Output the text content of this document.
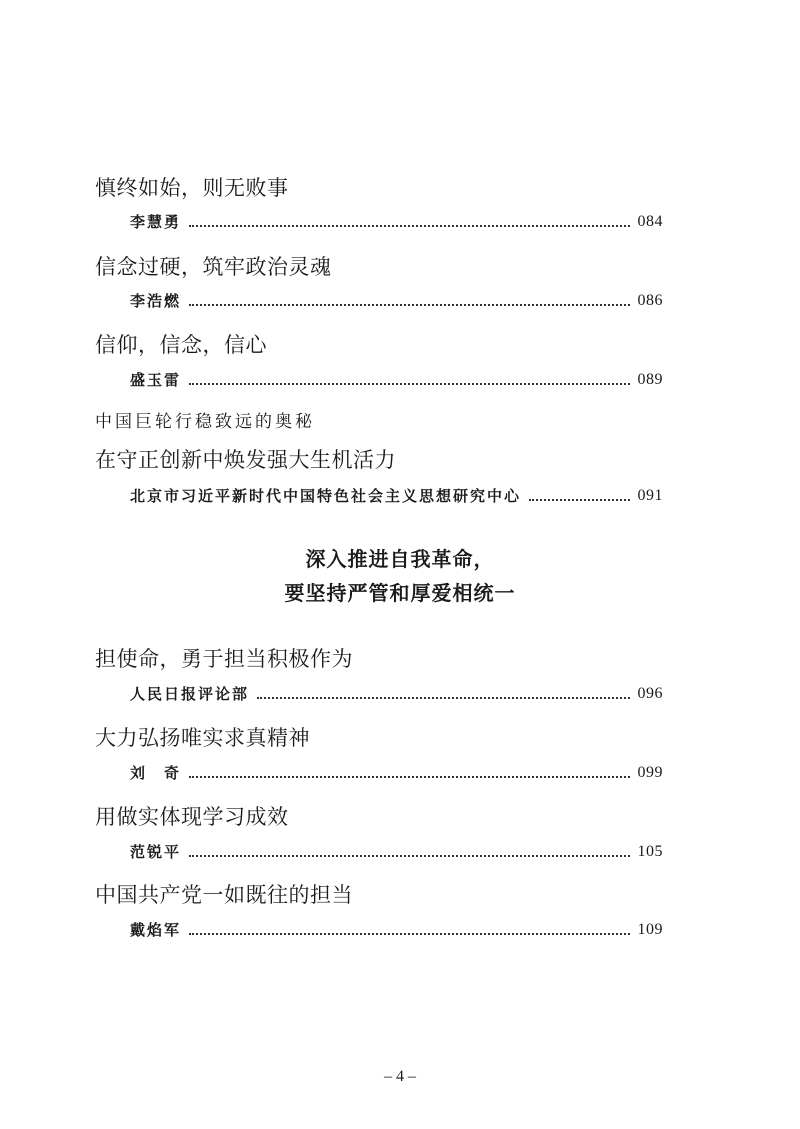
慎终如始，则无败事
李慧勇	084
信念过硬，筑牢政治灵魂
李浩燃	086
信仰，信念，信心
盛玉雷	089
中国巨轮行稳致远的奥秘
在守正创新中焕发强大生机活力
北京市习近平新时代中国特色社会主义思想研究中心	091
深入推进自我革命，
要坚持严管和厚爱相统一
担使命，勇于担当积极作为
人民日报评论部	096
大力弘扬唯实求真精神
刘　奇	099
用做实体现学习成效
范锐平	105
中国共产党一如既往的担当
戴焰军	109
– 4 –
